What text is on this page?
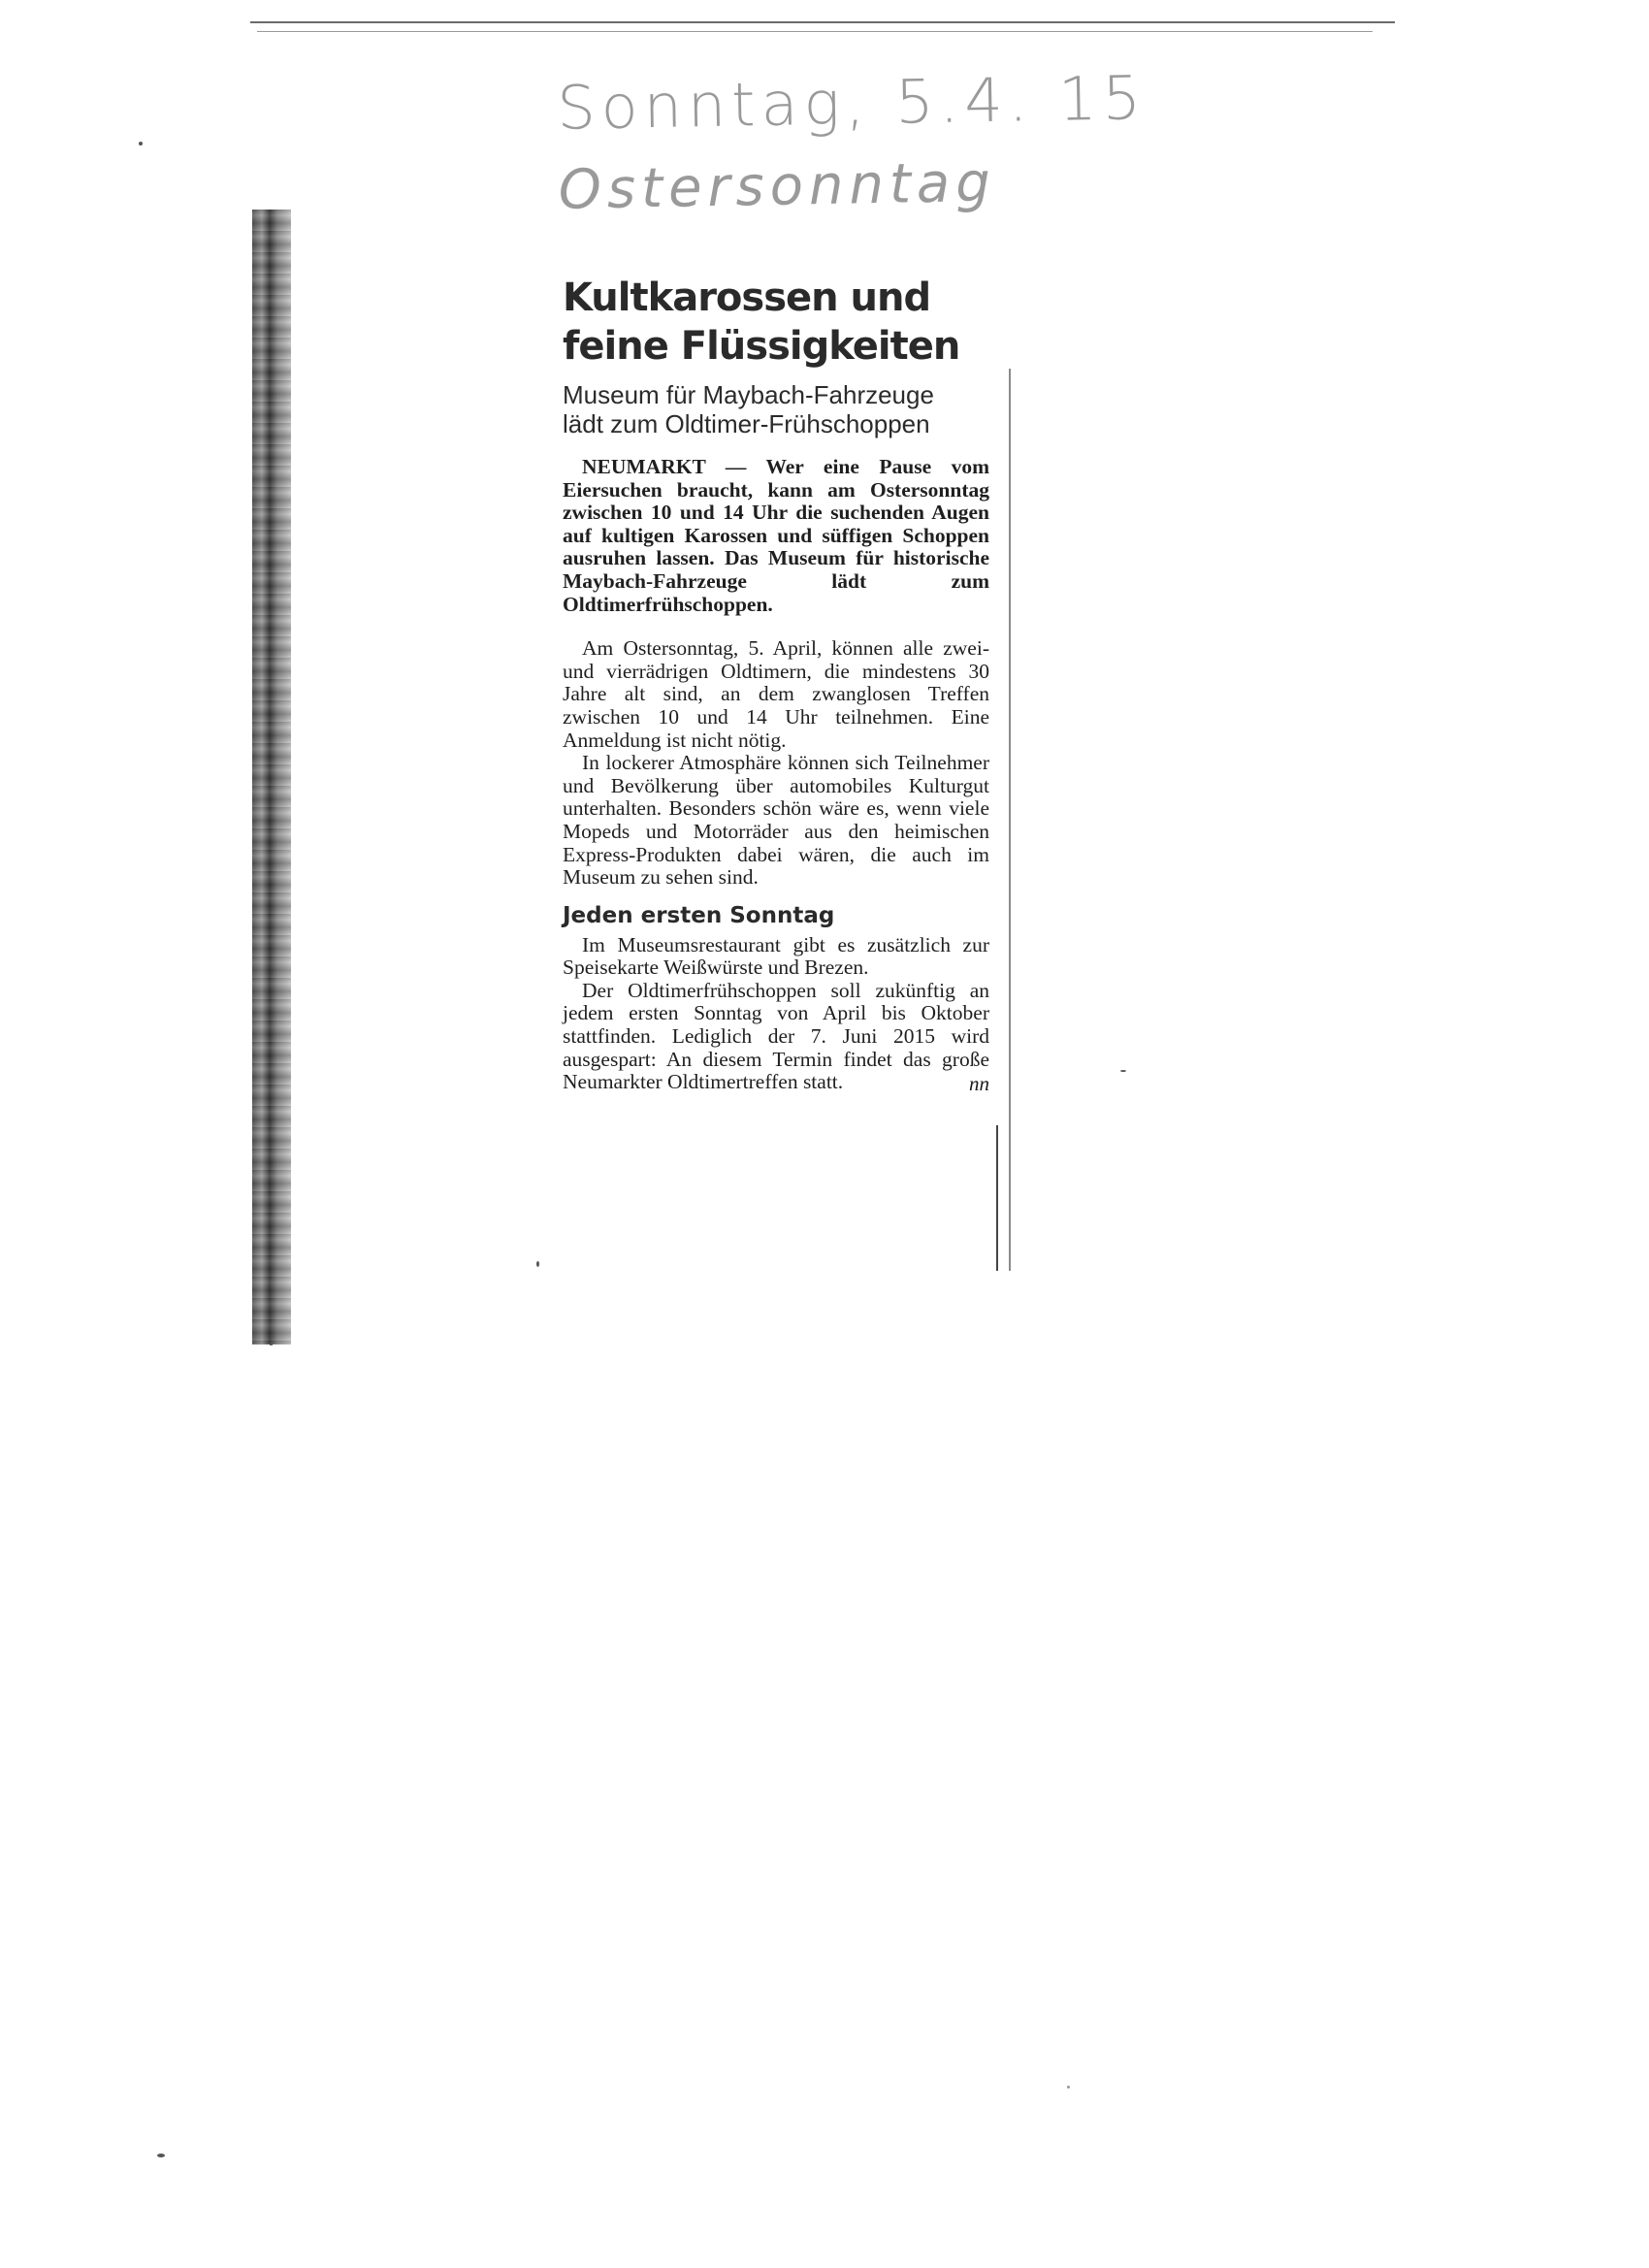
Sonntag, 5.4. 15
Ostersonntag
Kultkarossen und
feine Flüssigkeiten
Museum für Maybach-Fahrzeuge
lädt zum Oldtimer-Frühschoppen

NEUMARKT — Wer eine Pause vom Eiersuchen braucht, kann am Ostersonntag zwischen 10 und 14 Uhr die suchenden Augen auf kultigen Karossen und süffigen Schoppen ausruhen lassen. Das Museum für historische Maybach-Fahrzeuge lädt zum Oldtimerfrühschoppen.

Am Ostersonntag, 5. April, können alle zwei- und vierrädrigen Oldtimern, die mindestens 30 Jahre alt sind, an dem zwanglosen Treffen zwischen 10 und 14 Uhr teilnehmen. Eine Anmeldung ist nicht nötig.

In lockerer Atmosphäre können sich Teilnehmer und Bevölkerung über automobiles Kulturgut unterhalten. Besonders schön wäre es, wenn viele Mopeds und Motorräder aus den heimischen Express-Produkten dabei wären, die auch im Museum zu sehen sind.

Jeden ersten Sonntag

Im Museumsrestaurant gibt es zusätzlich zur Speisekarte Weißwürste und Brezen.

Der Oldtimerfrühschoppen soll zukünftig an jedem ersten Sonntag von April bis Oktober stattfinden. Lediglich der 7. Juni 2015 wird ausgespart: An diesem Termin findet das große Neumarkter Oldtimertreffen statt.	nn
